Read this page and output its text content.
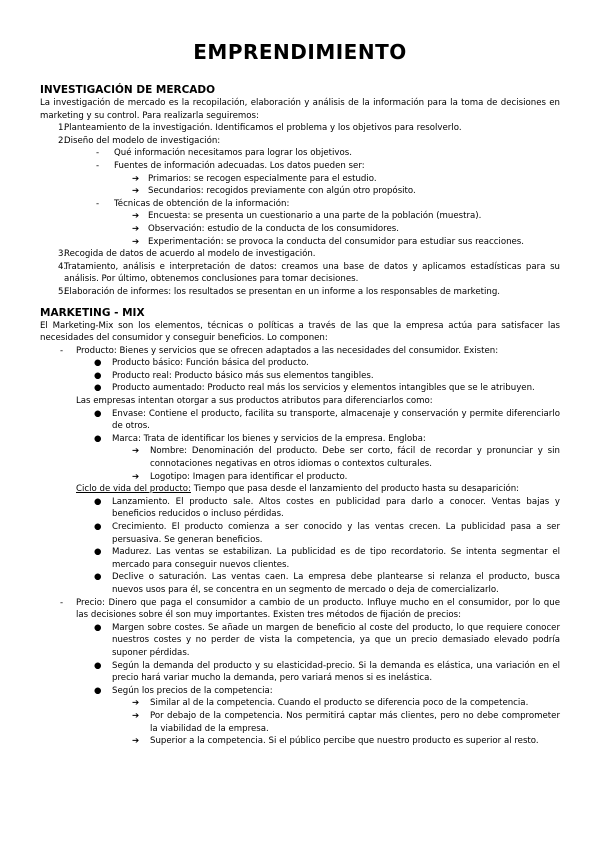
EMPRENDIMIENTO

INVESTIGACIÓN DE MERCADO

La investigación de mercado es la recopilación, elaboración y análisis de la información para la toma de decisiones en marketing y su control. Para realizarla seguiremos:

1.

Planteamiento de la investigación. Identificamos el problema y los objetivos para resolverlo.

2.

Diseño del modelo de investigación:

- Qué información necesitamos para lograr los objetivos.

- Fuentes de información adecuadas. Los datos pueden ser:

➔ Primarios: se recogen especialmente para el estudio.

➔ Secundarios: recogidos previamente con algún otro propósito.

- Técnicas de obtención de la información:

➔ Encuesta: se presenta un cuestionario a una parte de la población (muestra).

➔ Observación: estudio de la conducta de los consumidores.

➔ Experimentación: se provoca la conducta del consumidor para estudiar sus reacciones.

3.

Recogida de datos de acuerdo al modelo de investigación.

4.

Tratamiento, análisis e interpretación de datos: creamos una base de datos y aplicamos estadísticas para su análisis. Por último, obtenemos conclusiones para tomar decisiones.

5.

Elaboración de informes: los resultados se presentan en un informe a los responsables de marketing.

MARKETING - MIX

El Marketing-Mix son los elementos, técnicas o políticas a través de las que la empresa actúa para satisfacer las necesidades del consumidor y conseguir beneficios. Lo componen:

- Producto: Bienes y servicios que se ofrecen adaptados a las necesidades del consumidor. Existen:

● Producto básico: Función básica del producto.

● Producto real: Producto básico más sus elementos tangibles.

● Producto aumentado: Producto real más los servicios y elementos intangibles que se le atribuyen.

Las empresas intentan otorgar a sus productos atributos para diferenciarlos como:

● Envase: Contiene el producto, facilita su transporte, almacenaje y conservación y permite diferenciarlo de otros.

● Marca: Trata de identificar los bienes y servicios de la empresa. Engloba:

➔ Nombre: Denominación del producto. Debe ser corto, fácil de recordar y pronunciar y sin connotaciones negativas en otros idiomas o contextos culturales.

➔ Logotipo: Imagen para identificar el producto.

Ciclo de vida del producto: Tiempo que pasa desde el lanzamiento del producto hasta su desaparición:

● Lanzamiento. El producto sale. Altos costes en publicidad para darlo a conocer. Ventas bajas y beneficios reducidos o incluso pérdidas.

● Crecimiento. El producto comienza a ser conocido y las ventas crecen. La publicidad pasa a ser persuasiva. Se generan beneficios.

● Madurez. Las ventas se estabilizan. La publicidad es de tipo recordatorio. Se intenta segmentar el mercado para conseguir nuevos clientes.

● Declive o saturación. Las ventas caen. La empresa debe plantearse si relanza el producto, busca nuevos usos para él, se concentra en un segmento de mercado o deja de comercializarlo.

- Precio: Dinero que paga el consumidor a cambio de un producto. Influye mucho en el consumidor, por lo que las decisiones sobre él son muy importantes. Existen tres métodos de fijación de precios:

● Margen sobre costes. Se añade un margen de beneficio al coste del producto, lo que requiere conocer nuestros costes y no perder de vista la competencia, ya que un precio demasiado elevado podría suponer pérdidas.

● Según la demanda del producto y su elasticidad-precio. Si la demanda es elástica, una variación en el precio hará variar mucho la demanda, pero variará menos si es inelástica.

● Según los precios de la competencia:

➔ Similar al de la competencia. Cuando el producto se diferencia poco de la competencia.

➔ Por debajo de la competencia. Nos permitirá captar más clientes, pero no debe comprometer la viabilidad de la empresa.

➔ Superior a la competencia. Si el público percibe que nuestro producto es superior al resto.
